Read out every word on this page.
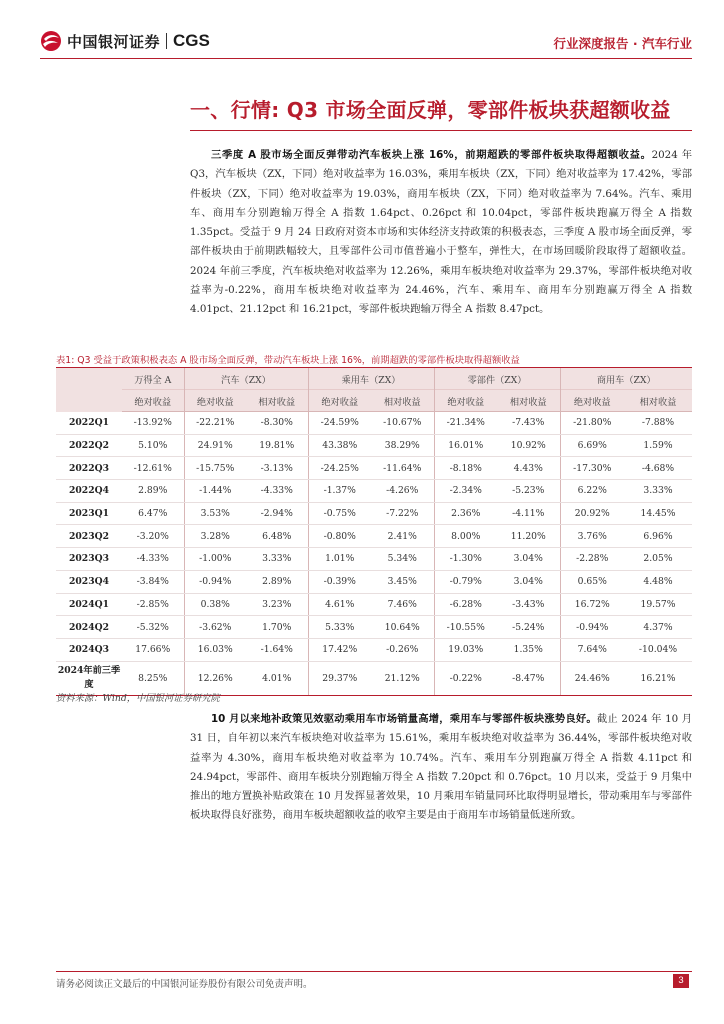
中国银河证券 CGS	行业深度报告 · 汽车行业
一、行情: Q3 市场全面反弹，零部件板块获超额收益

三季度 A 股市场全面反弹带动汽车板块上涨 16%，前期超跌的零部件板块取得超额收益。2024 年 Q3，汽车板块（ZX，下同）绝对收益率为 16.03%，乘用车板块（ZX，下同）绝对收益率为 17.42%，零部件板块（ZX，下同）绝对收益率为 19.03%，商用车板块（ZX，下同）绝对收益率为 7.64%。汽车、乘用车、商用车分别跑输万得全 A 指数 1.64pct、0.26pct 和 10.04pct，零部件板块跑赢万得全 A 指数 1.35pct。受益于 9 月 24 日政府对资本市场和实体经济支持政策的积极表态，三季度 A 股市场全面反弹，零部件板块由于前期跌幅较大，且零部件公司市值普遍小于整车，弹性大，在市场回暖阶段取得了超额收益。2024 年前三季度，汽车板块绝对收益率为 12.26%，乘用车板块绝对收益率为 29.37%，零部件板块绝对收益率为-0.22%，商用车板块绝对收益率为 24.46%，汽车、乘用车、商用车分别跑赢万得全 A 指数 4.01pct、21.12pct 和 16.21pct，零部件板块跑输万得全 A 指数 8.47pct。

表1: Q3 受益于政策积极表态 A 股市场全面反弹，带动汽车板块上涨 16%，前期超跌的零部件板块取得超额收益
	万得全 A	汽车（ZX）		乘用车（ZX）		零部件（ZX）		商用车（ZX）	
	绝对收益	绝对收益	相对收益	绝对收益	相对收益	绝对收益	相对收益	绝对收益	相对收益
2022Q1	-13.92%	-22.21%	-8.30%	-24.59%	-10.67%	-21.34%	-7.43%	-21.80%	-7.88%
2022Q2	5.10%	24.91%	19.81%	43.38%	38.29%	16.01%	10.92%	6.69%	1.59%
2022Q3	-12.61%	-15.75%	-3.13%	-24.25%	-11.64%	-8.18%	4.43%	-17.30%	-4.68%
2022Q4	2.89%	-1.44%	-4.33%	-1.37%	-4.26%	-2.34%	-5.23%	6.22%	3.33%
2023Q1	6.47%	3.53%	-2.94%	-0.75%	-7.22%	2.36%	-4.11%	20.92%	14.45%
2023Q2	-3.20%	3.28%	6.48%	-0.80%	2.41%	8.00%	11.20%	3.76%	6.96%
2023Q3	-4.33%	-1.00%	3.33%	1.01%	5.34%	-1.30%	3.04%	-2.28%	2.05%
2023Q4	-3.84%	-0.94%	2.89%	-0.39%	3.45%	-0.79%	3.04%	0.65%	4.48%
2024Q1	-2.85%	0.38%	3.23%	4.61%	7.46%	-6.28%	-3.43%	16.72%	19.57%
2024Q2	-5.32%	-3.62%	1.70%	5.33%	10.64%	-10.55%	-5.24%	-0.94%	4.37%
2024Q3	17.66%	16.03%	-1.64%	17.42%	-0.26%	19.03%	1.35%	7.64%	-10.04%
2024年前三季度	8.25%	12.26%	4.01%	29.37%	21.12%	-0.22%	-8.47%	24.46%	16.21%
资料来源：Wind，中国银河证券研究院

10 月以来地补政策见效驱动乘用车市场销量高增，乘用车与零部件板块涨势良好。截止 2024 年 10 月 31 日，自年初以来汽车板块绝对收益率为 15.61%，乘用车板块绝对收益率为 36.44%，零部件板块绝对收益率为 4.30%，商用车板块绝对收益率为 10.74%。汽车、乘用车分别跑赢万得全 A 指数 4.11pct 和 24.94pct，零部件、商用车板块分别跑输万得全 A 指数 7.20pct 和 0.76pct。10 月以来，受益于 9 月集中推出的地方置换补贴政策在 10 月发挥显著效果，10 月乘用车销量同环比取得明显增长，带动乘用车与零部件板块取得良好涨势，商用车板块超额收益的收窄主要是由于商用车市场销量低迷所致。

请务必阅读正文最后的中国银河证券股份有限公司免责声明。	3
